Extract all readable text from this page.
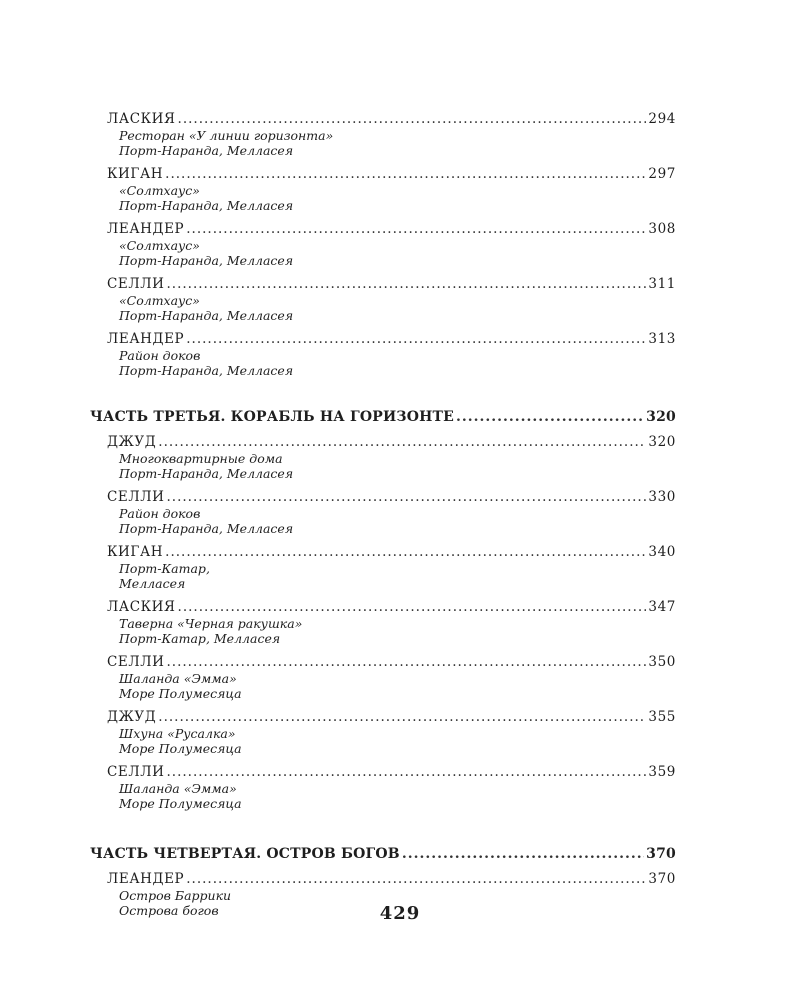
ЛАСКИЯ .....	294
Ресторан «У линии горизонта»
Порт-Наранда, Мелласея
КИГАН .....	297
«Солтхаус»
Порт-Наранда, Мелласея
ЛЕАНДЕР .....	308
«Солтхаус»
Порт-Наранда, Мелласея
СЕЛЛИ .....	311
«Солтхаус»
Порт-Наранда, Мелласея
ЛЕАНДЕР .....	313
Район доков
Порт-Наранда, Мелласея
ЧАСТЬ ТРЕТЬЯ. КОРАБЛЬ НА ГОРИЗОНТЕ .....	320
ДЖУД .....	320
Многоквартирные дома
Порт-Наранда, Мелласея
СЕЛЛИ .....	330
Район доков
Порт-Наранда, Мелласея
КИГАН .....	340
Порт-Катар,
Мелласея
ЛАСКИЯ .....	347
Таверна «Черная ракушка»
Порт-Катар, Мелласея
СЕЛЛИ .....	350
Шаланда «Эмма»
Море Полумесяца
ДЖУД .....	355
Шхуна «Русалка»
Море Полумесяца
СЕЛЛИ .....	359
Шаланда «Эмма»
Море Полумесяца
ЧАСТЬ ЧЕТВЕРТАЯ. ОСТРОВ БОГОВ .....	370
ЛЕАНДЕР .....	370
Остров Баррики
Острова богов	429
